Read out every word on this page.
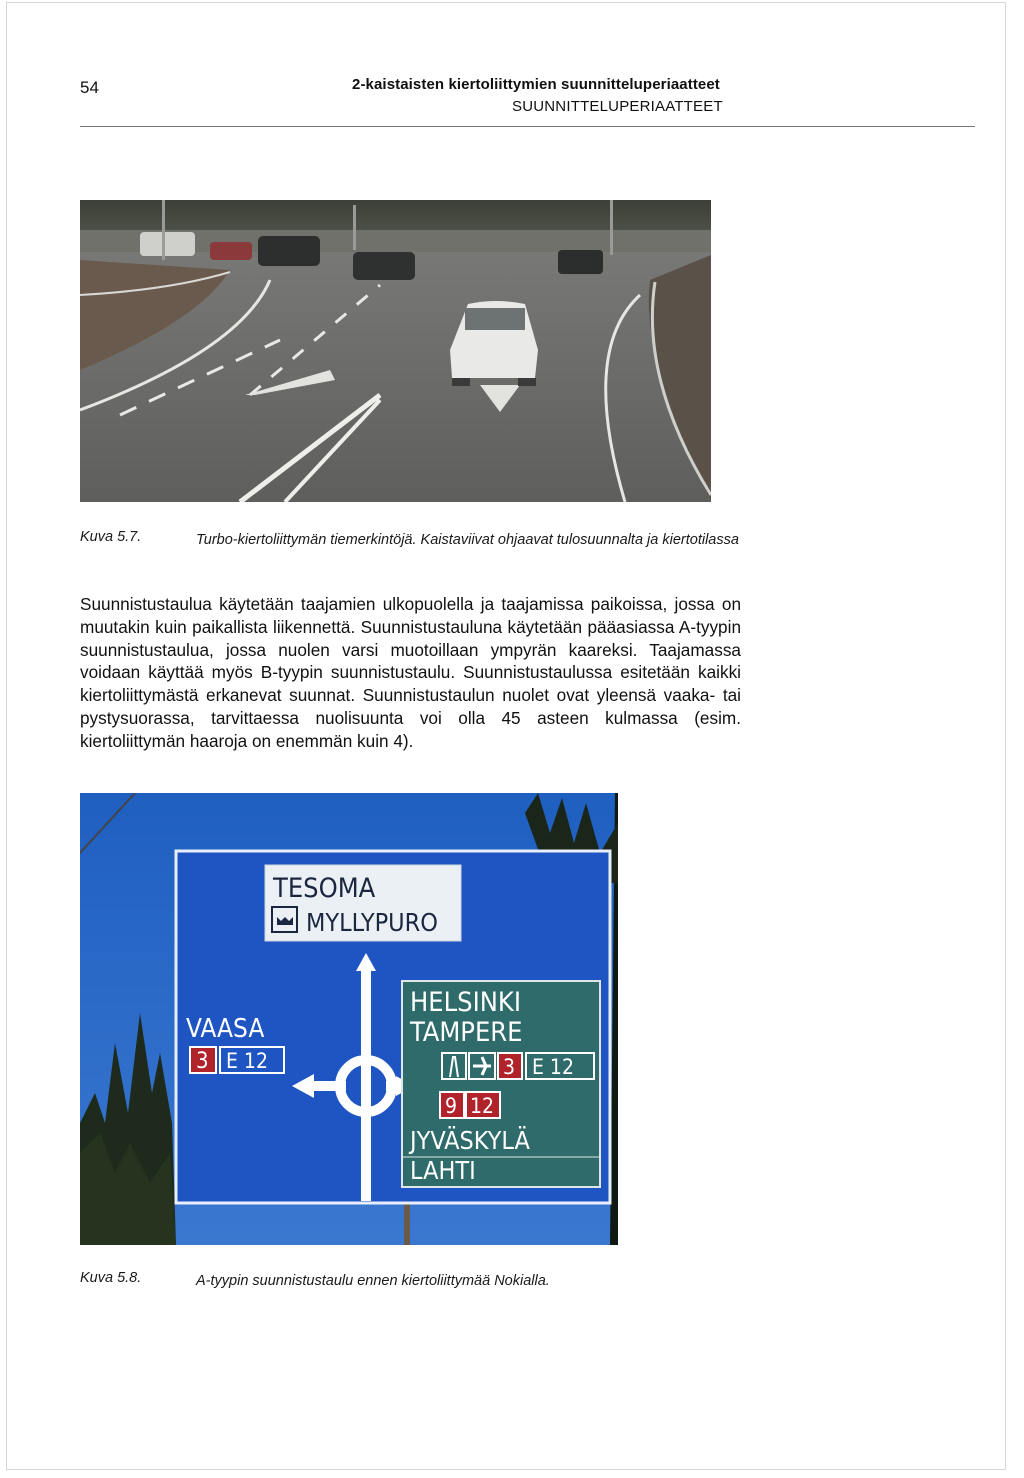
54	2-kaistaisten kiertoliittymien suunnitteluperiaatteet
SUUNNITTELUPERIAATTEET
Kuva 5.7.	Turbo-kiertoliittymän tiemerkintöjä. Kaistaviivat ohjaavat tulosuunnalta ja kiertotilassa

Suunnistustaulua käytetään taajamien ulkopuolella ja taajamissa paikoissa, jossa on muutakin kuin paikallista liikennettä. Suunnistustauluna käytetään pääasiassa A-tyypin suunnistustaulua, jossa nuolen varsi muotoillaan ympyrän kaareksi. Taajamassa voidaan käyttää myös B-tyypin suunnistustaulu. Suunnistustaulussa esitetään kaikki kiertoliittymästä erkanevat suunnat. Suunnistustaulun nuolet ovat yleensä vaaka- tai pystysuorassa, tarvittaessa nuolisuunta voi olla 45 asteen kulmassa (esim. kiertoliittymän haaroja on enemmän kuin 4).

TESOMA
MYLLYPURO
VAASA
3 E 12
HELSINKI
TAMPERE
3 E 12
9 12
JYVÄSKYLÄ
LAHTI
Kuva 5.8.	A-tyypin suunnistustaulu ennen kiertoliittymää Nokialla.
